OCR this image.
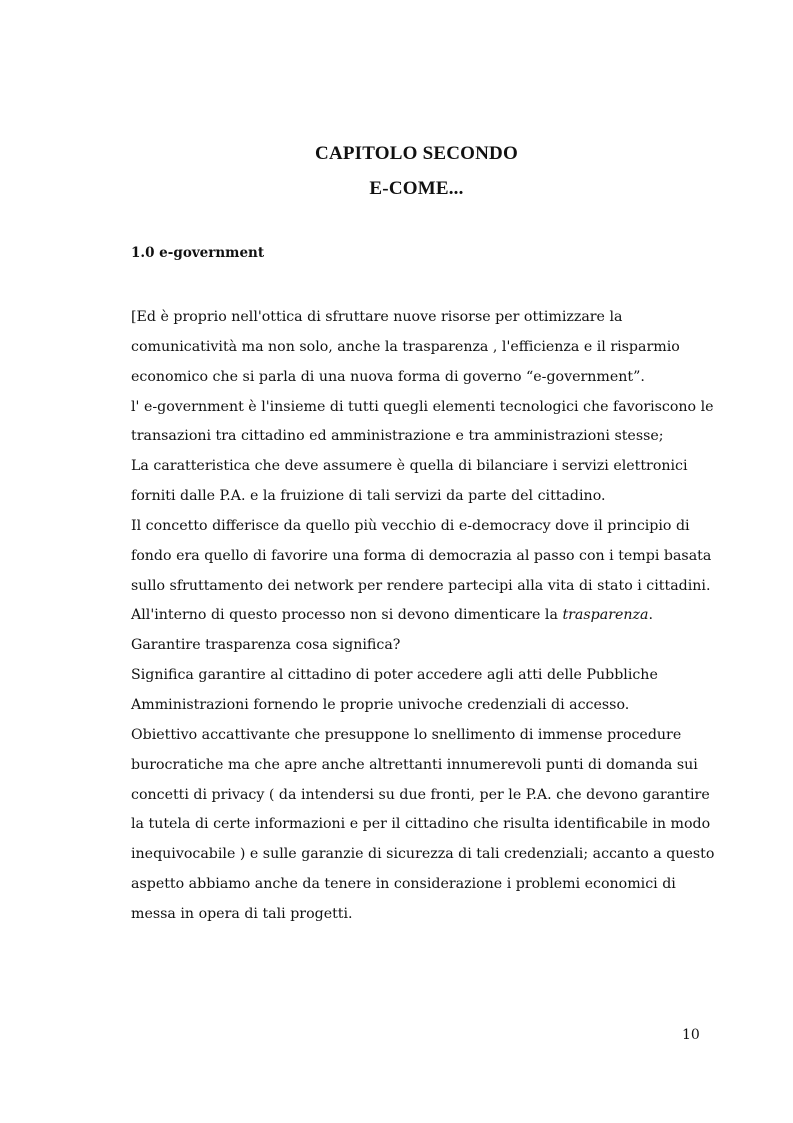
CAPITOLO SECONDO
E-COME...
1.0 e-government
[Ed è proprio nell'ottica di sfruttare nuove risorse per ottimizzare la
comunicatività ma non solo, anche la trasparenza , l'efficienza e il risparmio
economico che si parla di una nuova forma di governo “e-government”.
l' e-government è l'insieme di tutti quegli elementi tecnologici che favoriscono le
transazioni tra cittadino ed amministrazione e tra amministrazioni stesse;
La caratteristica che deve assumere è quella di bilanciare i servizi elettronici
forniti dalle P.A. e la fruizione di tali servizi da parte del cittadino.
Il concetto differisce da quello più vecchio di e-democracy dove il principio di
fondo era quello di favorire una forma di democrazia al passo con i tempi basata
sullo sfruttamento dei network per rendere partecipi alla vita di stato i cittadini.
All'interno di questo processo non si devono dimenticare la trasparenza.
Garantire trasparenza cosa significa?
Significa garantire al cittadino di poter accedere agli atti delle Pubbliche
Amministrazioni fornendo le proprie univoche credenziali di accesso.
Obiettivo accattivante che presuppone lo snellimento di immense procedure
burocratiche ma che apre anche altrettanti innumerevoli punti di domanda sui
concetti di privacy ( da intendersi su due fronti, per le P.A. che devono garantire
la tutela di certe informazioni e per il cittadino che risulta identificabile in modo
inequivocabile ) e sulle garanzie di sicurezza di tali credenziali; accanto a questo
aspetto abbiamo anche da tenere in considerazione i problemi economici di
messa in opera di tali progetti.

10
